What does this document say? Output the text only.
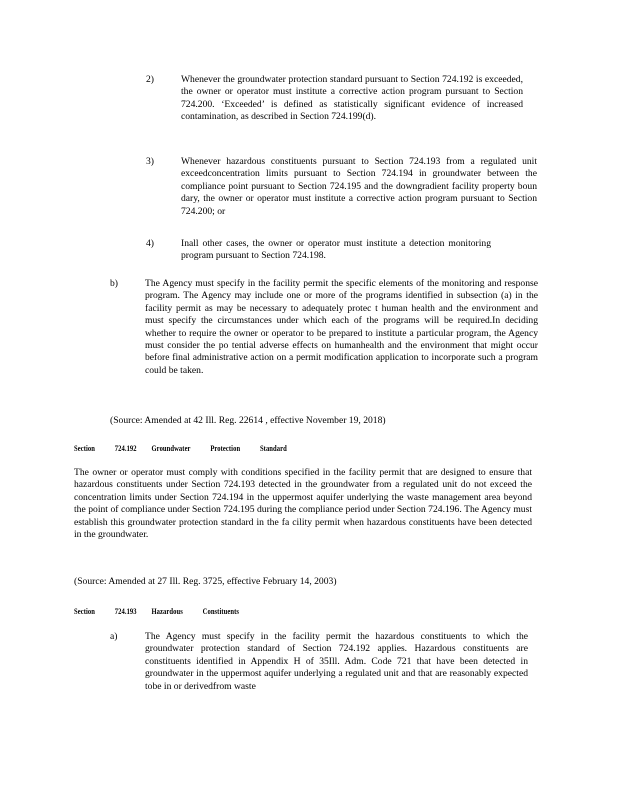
2)	Whenever the groundwater protection standard pursuant to Section 724.192 is exceeded, the owner or operator must institute a corrective action program pursuant to Section 724.200. ‘Exceeded’ is defined as statistically significant evidence of increased contamination, as described in Section 724.199(d).
3)	Whenever hazardous constituents pursuant to Section 724.193 from a regulated unit exceedconcentration limits pursuant to Section 724.194 in groundwater between the compliance point pursuant to Section 724.195 and the downgradient facility property boun dary, the owner or operator must institute a corrective action program pursuant to Section 724.200; or
4)	Inall other cases, the owner or operator must institute a detection monitoring program pursuant to Section 724.198.
b)	The Agency must specify in the facility permit the specific elements of the monitoring and response program. The Agency may include one or more of the programs identified in subsection (a) in the facility permit as may be necessary to adequately protec t human health and the environment and must specify the circumstances under which each of the programs will be required.In deciding whether to require the owner or operator to be prepared to institute a particular program, the Agency must consider the po tential adverse effects on humanhealth and the environment that might occur before final administrative action on a permit modification application to incorporate such a program could be taken.
(Source: Amended at 42 Ill. Reg. 22614 , effective November 19, 2018)
Section 724.192 Groundwater Protection Standard
The owner or operator must comply with conditions specified in the facility permit that are designed to ensure that hazardous constituents under Section 724.193 detected in the groundwater from a regulated unit do not exceed the concentration limits under Section 724.194 in the uppermost aquifer underlying the waste management area beyond the point of compliance under Section 724.195 during the compliance period under Section 724.196. The Agency must establish this groundwater protection standard in the fa cility permit when hazardous constituents have been detected in the groundwater.
(Source: Amended at 27 Ill. Reg. 3725, effective February 14, 2003)
Section 724.193 Hazardous Constituents
a)	The Agency must specify in the facility permit the hazardous constituents to which the groundwater protection standard of Section 724.192 applies. Hazardous constituents are constituents identified in Appendix H of 35Ill. Adm. Code 721 that have been detected in groundwater in the uppermost aquifer underlying a regulated unit and that are reasonably expected tobe in or derivedfrom waste
